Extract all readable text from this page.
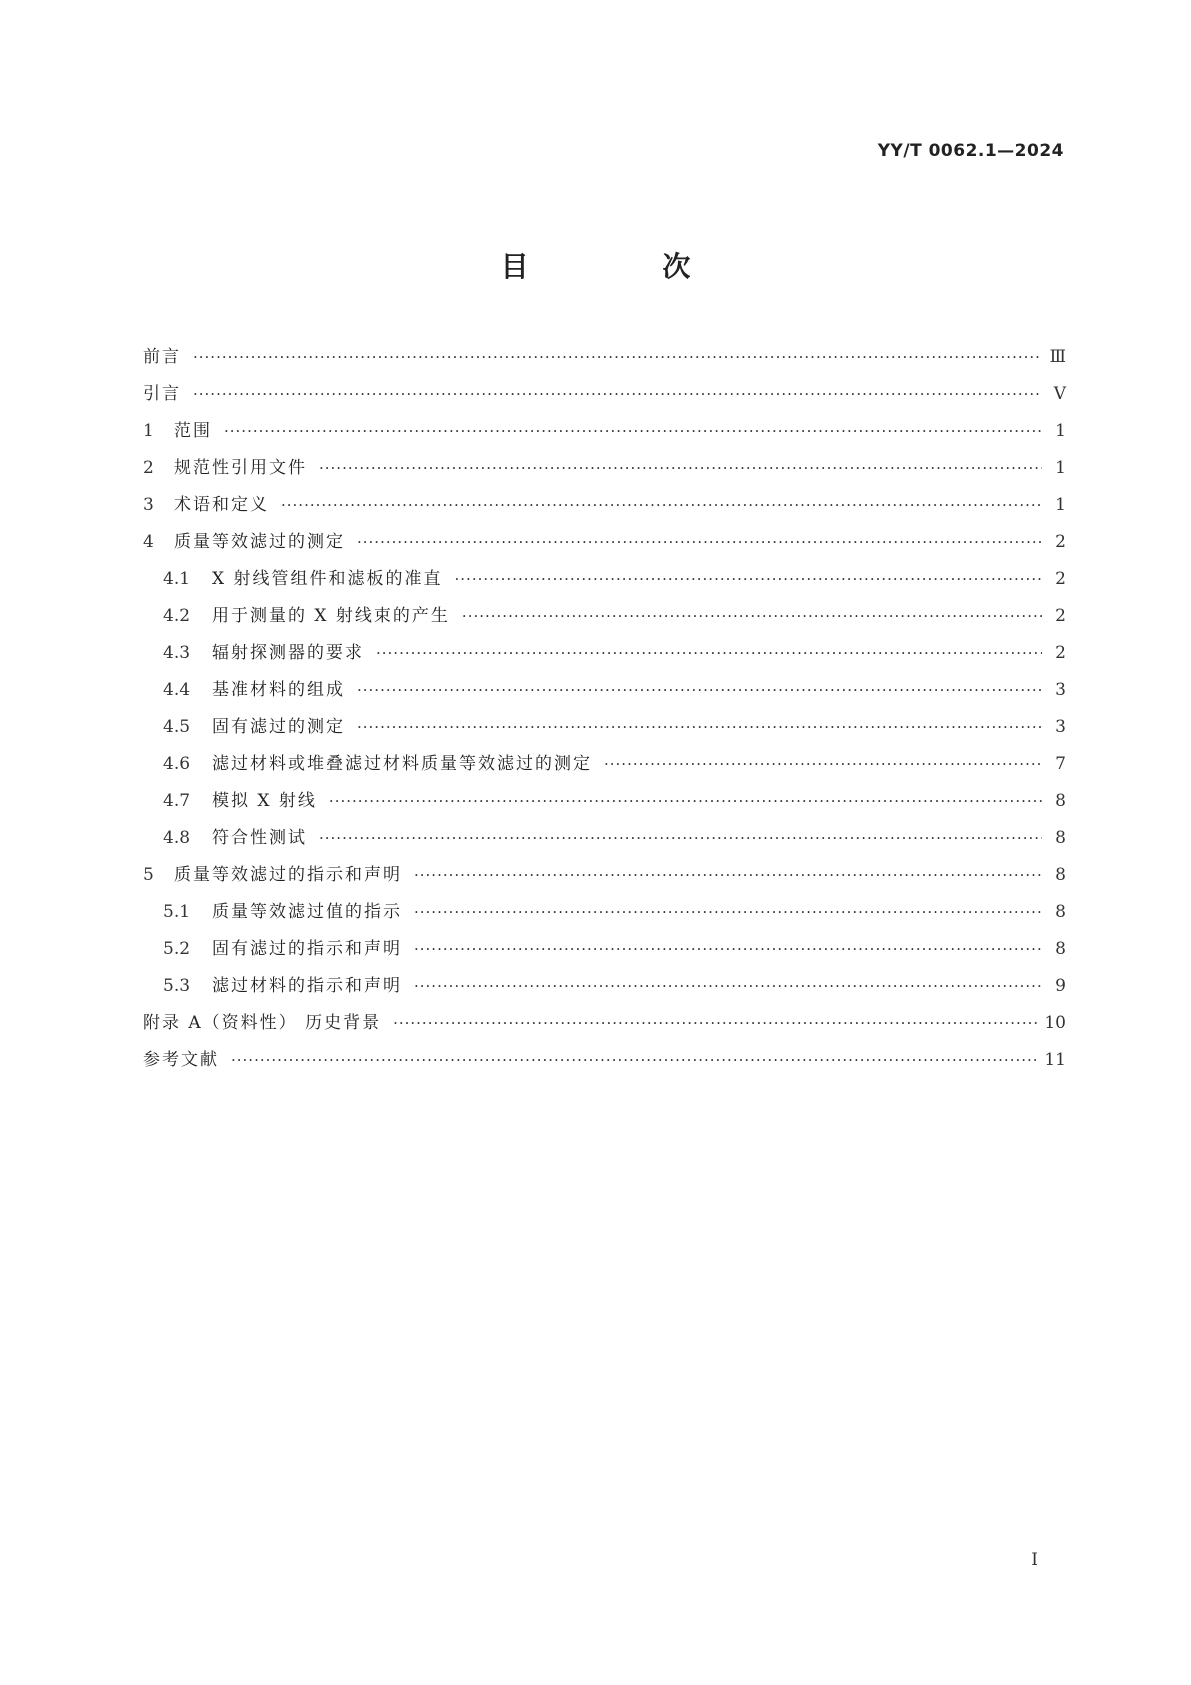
YY/T 0062.1—2024
目 次
前言 ·····	Ⅲ
引言 ·····	Ⅴ
1	范围 ·····	1
2	规范性引用文件 ·····	1
3	术语和定义 ·····	1
4	质量等效滤过的测定 ·····	2
4.1	X 射线管组件和滤板的准直 ·····	2
4.2	用于测量的 X 射线束的产生 ·····	2
4.3	辐射探测器的要求 ·····	2
4.4	基准材料的组成 ·····	3
4.5	固有滤过的测定 ·····	3
4.6	滤过材料或堆叠滤过材料质量等效滤过的测定 ·····	7
4.7	模拟 X 射线 ·····	8
4.8	符合性测试 ·····	8
5	质量等效滤过的指示和声明 ·····	8
5.1	质量等效滤过值的指示 ·····	8
5.2	固有滤过的指示和声明 ·····	8
5.3	滤过材料的指示和声明 ·····	9
附录 A（资料性） 历史背景 ·····	10
参考文献 ·····	11
I
